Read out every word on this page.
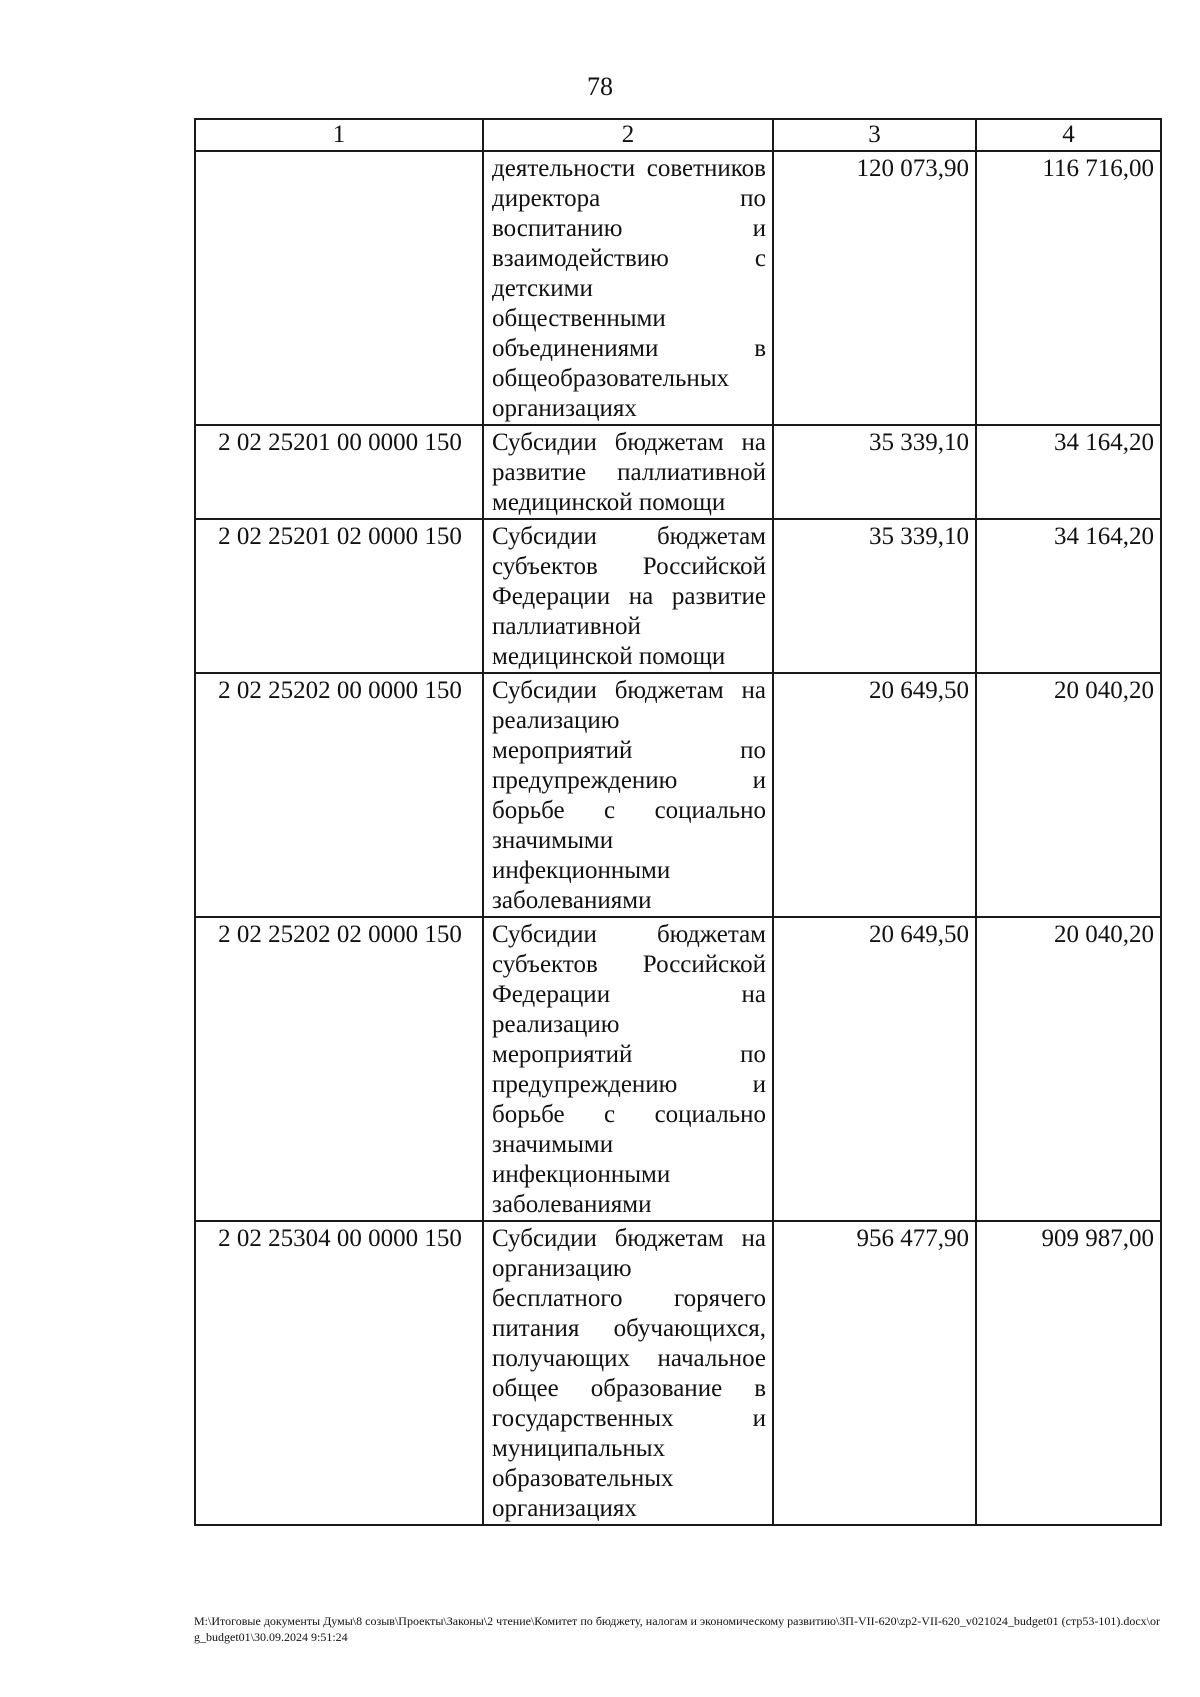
78
1	2	3	4
	деятельности советников директора по воспитанию и взаимодействию с детскими общественными объединениями в общеобразовательных организациях	120 073,90	116 716,00
2 02 25201 00 0000 150	Субсидии бюджетам на развитие паллиативной медицинской помощи	35 339,10	34 164,20
2 02 25201 02 0000 150	Субсидии бюджетам субъектов Российской Федерации на развитие паллиативной медицинской помощи	35 339,10	34 164,20
2 02 25202 00 0000 150	Субсидии бюджетам на реализацию мероприятий по предупреждению и борьбе с социально значимыми инфекционными заболеваниями	20 649,50	20 040,20
2 02 25202 02 0000 150	Субсидии бюджетам субъектов Российской Федерации на реализацию мероприятий по предупреждению и борьбе с социально значимыми инфекционными заболеваниями	20 649,50	20 040,20
2 02 25304 00 0000 150	Субсидии бюджетам на организацию бесплатного горячего питания обучающихся, получающих начальное общее образование в государственных и муниципальных образовательных организациях	956 477,90	909 987,00
M:\Итоговые документы Думы\8 созыв\Проекты\Законы\2 чтение\Комитет по бюджету, налогам и экономическому развитию\ЗП-VII-620\zp2-VII-620_v021024_budget01 (стр53-101).docx\org_budget01\30.09.2024 9:51:24
